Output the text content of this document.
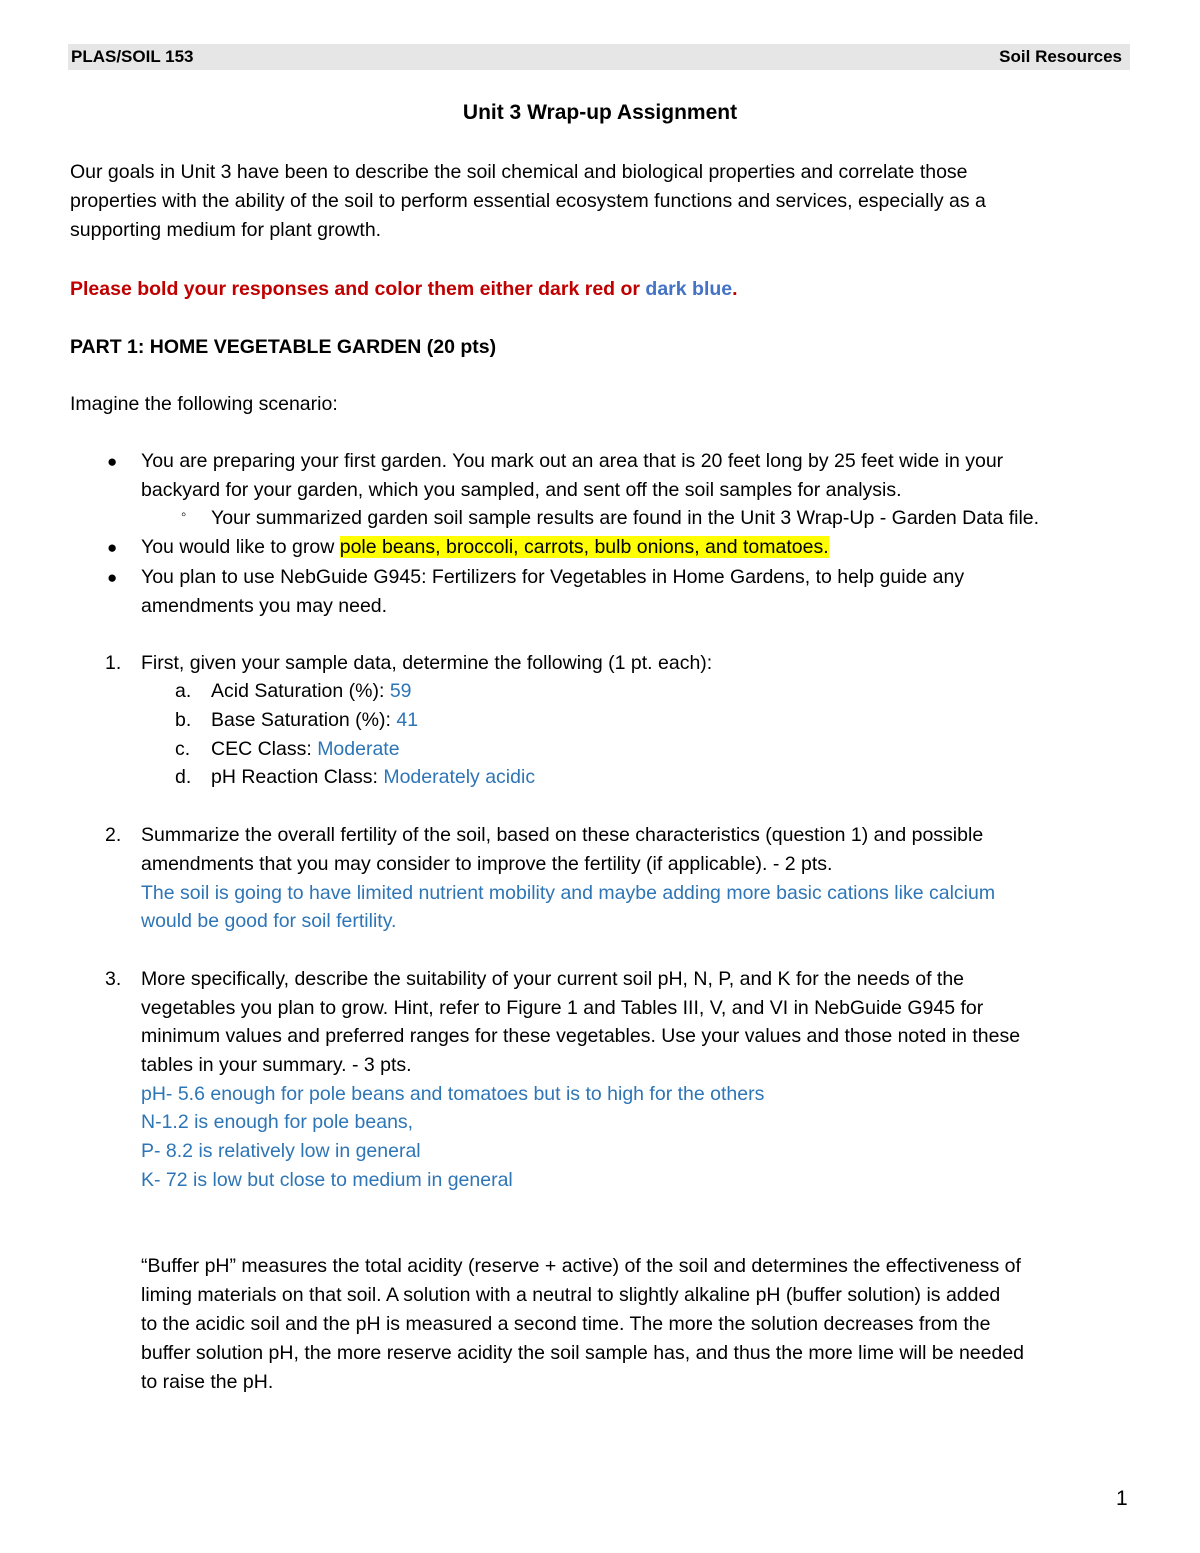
PLAS/SOIL 153	Soil Resources
Unit 3 Wrap-up Assignment
Our goals in Unit 3 have been to describe the soil chemical and biological properties and correlate those
properties with the ability of the soil to perform essential ecosystem functions and services, especially as a
supporting medium for plant growth.
Please bold your responses and color them either dark red or dark blue.
PART 1: HOME VEGETABLE GARDEN (20 pts)
Imagine the following scenario:
● You are preparing your first garden. You mark out an area that is 20 feet long by 25 feet wide in your
backyard for your garden, which you sampled, and sent off the soil samples for analysis.
◦ Your summarized garden soil sample results are found in the Unit 3 Wrap-Up - Garden Data file.
● You would like to grow pole beans, broccoli, carrots, bulb onions, and tomatoes.
● You plan to use NebGuide G945: Fertilizers for Vegetables in Home Gardens, to help guide any
amendments you may need.
1. First, given your sample data, determine the following (1 pt. each):
a. Acid Saturation (%): 59
b. Base Saturation (%): 41
c. CEC Class: Moderate
d. pH Reaction Class: Moderately acidic
2. Summarize the overall fertility of the soil, based on these characteristics (question 1) and possible
amendments that you may consider to improve the fertility (if applicable). - 2 pts.
The soil is going to have limited nutrient mobility and maybe adding more basic cations like calcium
would be good for soil fertility.
3. More specifically, describe the suitability of your current soil pH, N, P, and K for the needs of the
vegetables you plan to grow. Hint, refer to Figure 1 and Tables III, V, and VI in NebGuide G945 for
minimum values and preferred ranges for these vegetables. Use your values and those noted in these
tables in your summary. - 3 pts.
pH- 5.6 enough for pole beans and tomatoes but is to high for the others
N-1.2 is enough for pole beans,
P- 8.2 is relatively low in general
K- 72 is low but close to medium in general
“Buffer pH” measures the total acidity (reserve + active) of the soil and determines the effectiveness of
liming materials on that soil. A solution with a neutral to slightly alkaline pH (buffer solution) is added
to the acidic soil and the pH is measured a second time. The more the solution decreases from the
buffer solution pH, the more reserve acidity the soil sample has, and thus the more lime will be needed
to raise the pH.
1
